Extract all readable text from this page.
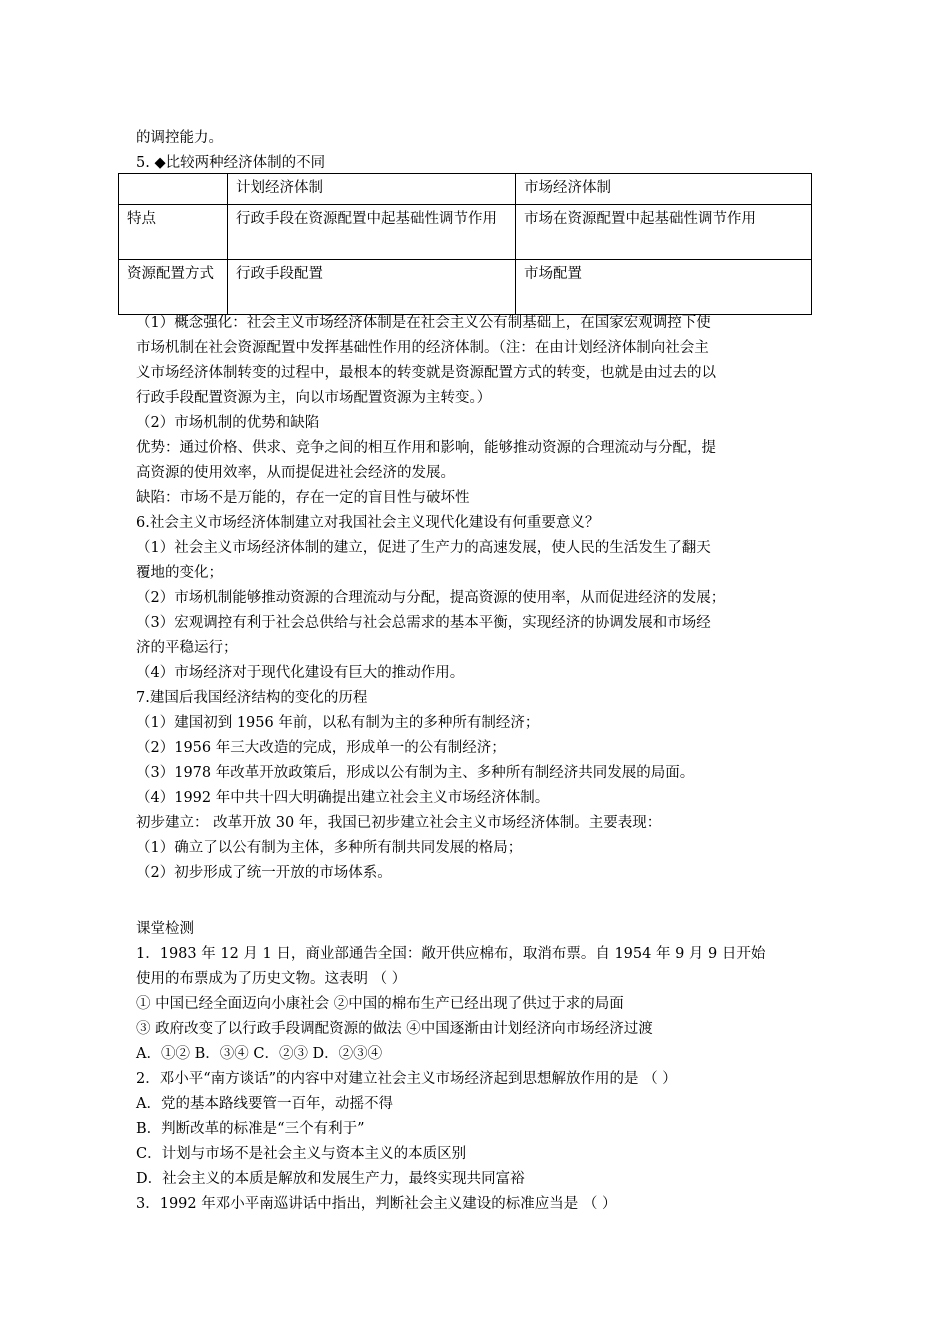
的调控能力。
5. ◆比较两种经济体制的不同
	计划经济体制	市场经济体制
特点	行政手段在资源配置中起基础性调节作用	市场在资源配置中起基础性调节作用
资源配置方式	行政手段配置	市场配置
（1）概念强化：社会主义市场经济体制是在社会主义公有制基础上，在国家宏观调控下使
市场机制在社会资源配置中发挥基础性作用的经济体制。（注：在由计划经济体制向社会主
义市场经济体制转变的过程中，最根本的转变就是资源配置方式的转变，也就是由过去的以
行政手段配置资源为主，向以市场配置资源为主转变。）
（2）市场机制的优势和缺陷
优势：通过价格、供求、竞争之间的相互作用和影响，能够推动资源的合理流动与分配，提
高资源的使用效率，从而提促进社会经济的发展。
缺陷：市场不是万能的，存在一定的盲目性与破坏性
6.社会主义市场经济体制建立对我国社会主义现代化建设有何重要意义？
（1）社会主义市场经济体制的建立，促进了生产力的高速发展，使人民的生活发生了翻天
覆地的变化；
（2）市场机制能够推动资源的合理流动与分配，提高资源的使用率，从而促进经济的发展；
（3）宏观调控有利于社会总供给与社会总需求的基本平衡，实现经济的协调发展和市场经
济的平稳运行；
（4）市场经济对于现代化建设有巨大的推动作用。
7.建国后我国经济结构的变化的历程
（1）建国初到 1956 年前，以私有制为主的多种所有制经济；
（2）1956 年三大改造的完成，形成单一的公有制经济；
（3）1978 年改革开放政策后，形成以公有制为主、多种所有制经济共同发展的局面。
（4）1992 年中共十四大明确提出建立社会主义市场经济体制。
初步建立： 改革开放 30 年，我国已初步建立社会主义市场经济体制。主要表现：
（1）确立了以公有制为主体，多种所有制共同发展的格局；
（2）初步形成了统一开放的市场体系。
课堂检测
1．1983 年 12 月 1 日，商业部通告全国：敞开供应棉布，取消布票。自 1954 年 9 月 9 日开始
使用的布票成为了历史文物。这表明 （ ）
① 中国已经全面迈向小康社会 ②中国的棉布生产已经出现了供过于求的局面
③ 政府改变了以行政手段调配资源的做法 ④中国逐渐由计划经济向市场经济过渡
A．①② B．③④ C．②③ D．②③④
2．邓小平“南方谈话”的内容中对建立社会主义市场经济起到思想解放作用的是 （ ）
A．党的基本路线要管一百年，动摇不得
B．判断改革的标准是“三个有利于”
C．计划与市场不是社会主义与资本主义的本质区别
D．社会主义的本质是解放和发展生产力，最终实现共同富裕
3．1992 年邓小平南巡讲话中指出，判断社会主义建设的标准应当是 （ ）
